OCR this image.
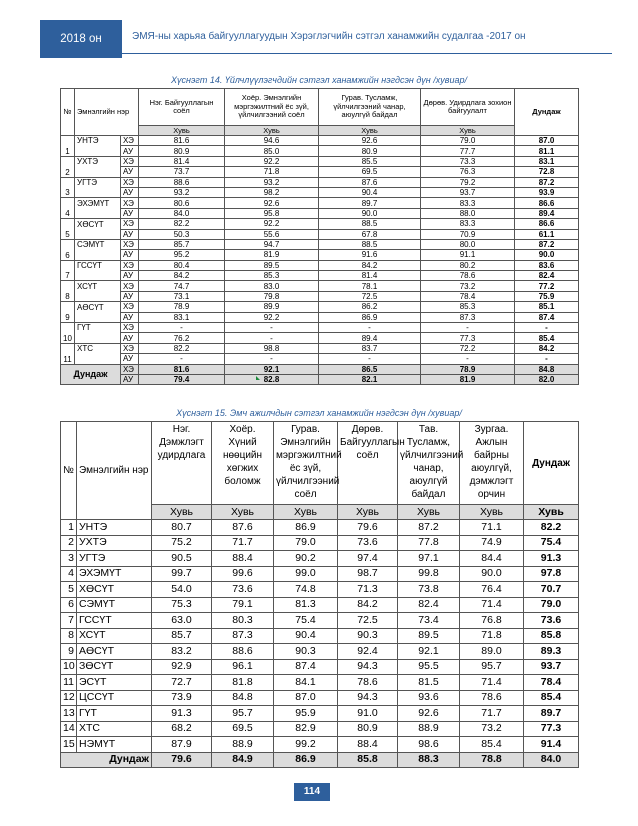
2018 он	ЭМЯ-ны харьяа байгууллагуудын Хэрэглэгчийн сэтгэл ханамжийн судалгаа -2017 он
Хүснэгт 14. Үйлчлүүлэгчдийн сэтгэл ханамжийн нэгдсэн дүн /хувиар/
№	Эмнэлгийн нэр		Нэг. Байгууллагын соёл	Хоёр. Эмнэлгийн мэргэжилтний ёс зүй, үйлчилгээний соёл	Гурав. Тусламж, үйлчилгээний чанар, аюулгүй байдал	Дөрөв. Удирдлага зохион байгуулалт	Дундаж
			Хувь	Хувь	Хувь	Хувь	
1	УНТЭ	ХЭ	81.6	94.6	92.6	79.0	87.0
		АУ	80.9	85.0	80.9	77.7	81.1
2	УХТЭ	ХЭ	81.4	92.2	85.5	73.3	83.1
		АУ	73.7	71.8	69.5	76.3	72.8
3	УГТЭ	ХЭ	88.6	93.2	87.6	79.2	87.2
		АУ	93.2	98.2	90.4	93.7	93.9
4	ЭХЭМҮТ	ХЭ	80.6	92.6	89.7	83.3	86.6
		АУ	84.0	95.8	90.0	88.0	89.4
5	ХӨСҮТ	ХЭ	82.2	92.2	88.5	83.3	86.6
		АУ	50.3	55.6	67.8	70.9	61.1
6	СЭМҮТ	ХЭ	85.7	94.7	88.5	80.0	87.2
		АУ	95.2	81.9	91.6	91.1	90.0
7	ГССҮТ	ХЭ	80.4	89.5	84.2	80.2	83.6
		АУ	84.2	85.3	81.4	78.6	82.4
8	ХСҮТ	ХЭ	74.7	83.0	78.1	73.2	77.2
		АУ	73.1	79.8	72.5	78.4	75.9
9	АӨСҮТ	ХЭ	78.9	89.9	86.2	85.3	85.1
		АУ	83.1	92.2	86.9	87.3	87.4
10	ГҮТ	ХЭ	-	-	-	-	-
		АУ	76.2	-	89.4	77.3	85.4
11	ХТС	ХЭ	82.2	98.8	83.7	72.2	84.2
		АУ	-	-	-	-	-
Дундаж		ХЭ	81.6	92.1	86.5	78.9	84.8
		АУ	79.4	82.8	82.1	81.9	82.0
Хүснэгт 15. Эмч ажилчдын сэтгэл ханамжийн нэгдсэн дүн /хувиар/
№	Эмнэлгийн нэр	Нэг. Дэмжлэгт удирдлага	Хоёр. Хүний нөөцийн хөгжих боломж	Гурав. Эмнэлгийн мэргэжилтний ёс зүй, үйлчилгээний соёл	Дөрөв. Байгууллагын соёл	Тав. Тусламж, үйлчилгээний чанар, аюулгүй байдал	Зургаа. Ажлын байрны аюулгүй, дэмжлэгт орчин	Дундаж
		Хувь	Хувь	Хувь	Хувь	Хувь	Хувь	Хувь
1	УНТЭ	80.7	87.6	86.9	79.6	87.2	71.1	82.2
2	УХТЭ	75.2	71.7	79.0	73.6	77.8	74.9	75.4
3	УГТЭ	90.5	88.4	90.2	97.4	97.1	84.4	91.3
4	ЭХЭМҮТ	99.7	99.6	99.0	98.7	99.8	90.0	97.8
5	ХӨСҮТ	54.0	73.6	74.8	71.3	73.8	76.4	70.7
6	СЭМҮТ	75.3	79.1	81.3	84.2	82.4	71.4	79.0
7	ГССҮТ	63.0	80.3	75.4	72.5	73.4	76.8	73.6
8	ХСҮТ	85.7	87.3	90.4	90.3	89.5	71.8	85.8
9	АӨСҮТ	83.2	88.6	90.3	92.4	92.1	89.0	89.3
10	ЗӨСҮТ	92.9	96.1	87.4	94.3	95.5	95.7	93.7
11	ЭСҮТ	72.7	81.8	84.1	78.6	81.5	71.4	78.4
12	ЦССҮТ	73.9	84.8	87.0	94.3	93.6	78.6	85.4
13	ГҮТ	91.3	95.7	95.9	91.0	92.6	71.7	89.7
14	ХТС	68.2	69.5	82.9	80.9	88.9	73.2	77.3
15	НЭМҮТ	87.9	88.9	99.2	88.4	98.6	85.4	91.4
Дундаж		79.6	84.9	86.9	85.8	88.3	78.8	84.0
114
